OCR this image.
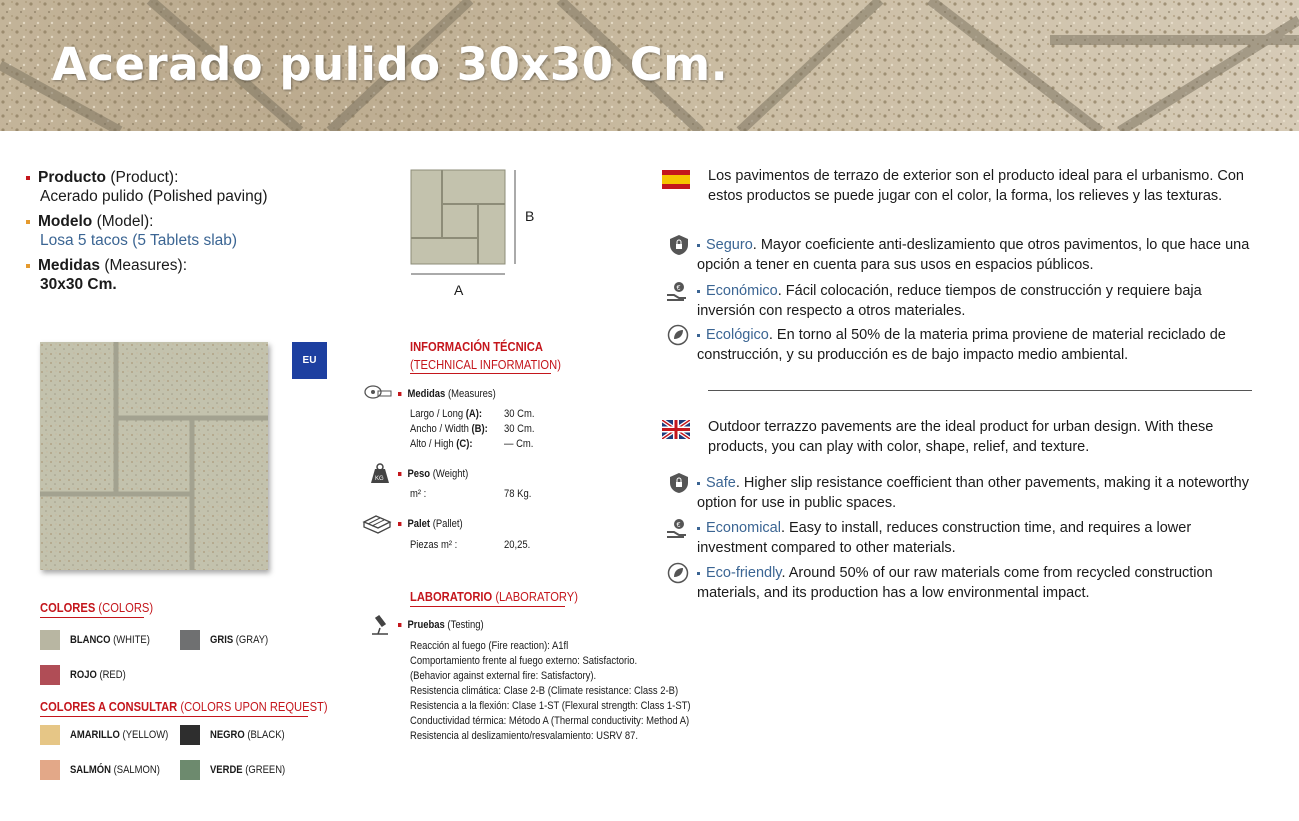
Acerado pulido 30x30 Cm.
Producto (Product):
Acerado pulido (Polished paving)
Modelo (Model):
Losa 5 tacos (5 Tablets slab)
Medidas (Measures):
30x30 Cm.
B
A
EU
COLORES (COLORS)
BLANCO (WHITE)	GRIS (GRAY)
ROJO (RED)
COLORES A CONSULTAR (COLORS UPON REQUEST)
AMARILLO (YELLOW)	NEGRO (BLACK)
SALMÓN (SALMON)	VERDE (GREEN)
INFORMACIÓN TÉCNICA
(TECHNICAL INFORMATION)
Medidas (Measures)
Largo / Long (A): 30 Cm.
Ancho / Width (B): 30 Cm.
Alto / High (C):	— Cm.
KG	Peso (Weight)
m² :	78 Kg.
Palet (Pallet)
Piezas m² :	20,25.
LABORATORIO (LABORATORY)
Pruebas (Testing)
Reacción al fuego (Fire reaction): A1fl
Comportamiento frente al fuego externo: Satisfactorio.
(Behavior against external fire: Satisfactory).
Resistencia climática: Clase 2-B (Climate resistance: Class 2-B)
Resistencia a la flexión: Clase 1-ST (Flexural strength: Class 1-ST)
Conductividad térmica: Método A (Thermal conductivity: Method A)
Resistencia al deslizamiento/resvalamiento: USRV 87.
Los pavimentos de terrazo de exterior son el producto ideal para el urbanismo. Con estos productos se puede jugar con el color, la forma, los relieves y las texturas.
Seguro. Mayor coeficiente anti-deslizamiento que otros pavimentos, lo que hace una opción a tener en cuenta para sus usos en espacios públicos.
€	Económico. Fácil colocación, reduce tiempos de construcción y requiere baja inversión con respecto a otros materiales.
Ecológico. En torno al 50% de la materia prima proviene de material reciclado de construcción, y su producción es de bajo impacto medio ambiental.
Outdoor terrazzo pavements are the ideal product for urban design. With these products, you can play with color, shape, relief, and texture.
Safe. Higher slip resistance coefficient than other pavements, making it a noteworthy option for use in public spaces.
€	Economical. Easy to install, reduces construction time, and requires a lower investment compared to other materials.
Eco-friendly. Around 50% of our raw materials come from recycled construction materials, and its production has a low environmental impact.
